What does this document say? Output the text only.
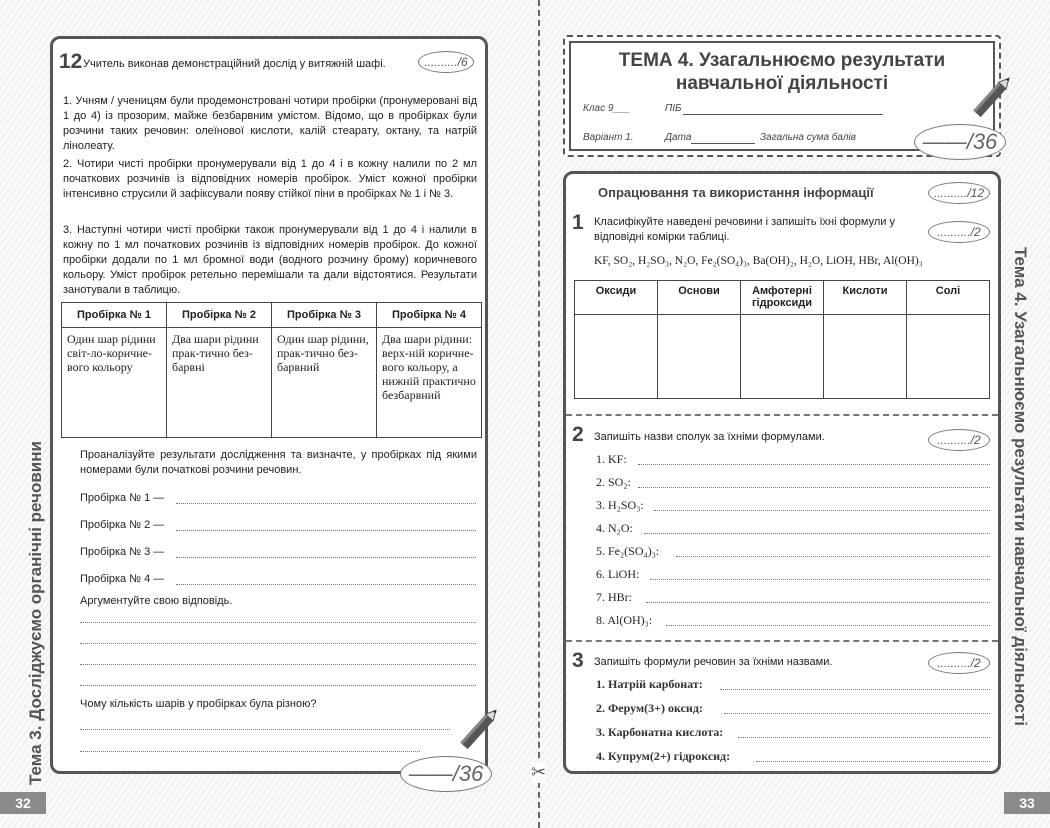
✂
Тема 3. Досліджуємо органічні речовини
32
12	........../6
Учитель виконав демонстраційний дослід у витяжній шафі.
1. Учням / ученицям були продемонстровані чотири пробірки (пронумеровані від 1 до 4) із прозорим, майже безбарвним умістом. Відомо, що в пробірках були розчини таких речовин: олеїнової кислоти, калій стеарату, октану, та натрій лінолеату.
2. Чотири чисті пробірки пронумерували від 1 до 4 і в кожну налили по 2 мл початкових розчинів із відповідних номерів пробірок. Уміст кожної пробірки інтенсивно струсили й зафіксували появу стійкої піни в пробірках № 1 і № 3.
3. Наступні чотири чисті пробірки також пронумерували від 1 до 4 і налили в кожну по 1 мл початкових розчинів із відповідних номерів пробірок. До кожної пробірки додали по 1 мл бромної води (водного розчину брому) коричневого кольору. Уміст пробірок ретельно перемішали та дали відстоятися. Результати занотували в таблицю.
Пробірка № 1	Пробірка № 2	Пробірка № 3	Пробірка № 4
Один шар рідини світ-ло-коричне-вого кольору	Два шари рідини прак-тично без-барвні	Один шар рідини, прак-тично без-барвний	Два шари рідини: верх-ній коричне-вого кольору, а нижній практично безбарвний
Проаналізуйте результати дослідження та визначте, у пробірках під якими номерами були початкові розчини речовин.
Пробірка № 1 —
Пробірка № 2 —
Пробірка № 3 —
Пробірка № 4 —
Аргументуйте свою відповідь.
Чому кількість шарів у пробірках була різною?
——/36
Тема 4. Узагальнюємо результати навчальної діяльності
33
ТЕМА 4. Узагальнюємо результати
навчальної діяльності
Клас 9___	ПІБ
Варіант 1.	Дата	Загальна сума балів	——/36
Опрацювання та використання інформації	........../12
1	........../2
Класифікуйте наведені речовини і запишіть їхні формули у відповідні комірки таблиці.
KF, SO₂, H₂SO₃, N₂O, Fe₂(SO₄)₃, Ba(OH)₂, H₂O, LiOH, HBr, Al(OH)₃
Оксиди	Основи	Амфотерні гідроксиди	Кислоти	Солі

2	........../2
Запишіть назви сполук за їхніми формулами.
1. KF:
2. SO₂:
3. H₂SO₃:
4. N₂O:
5. Fe₂(SO₄)₃:
6. LiOH:
7. HBr:
8. Al(OH)₃:
3	........../2
Запишіть формули речовин за їхніми назвами.
1. Натрій карбонат:
2. Ферум(3+) оксид:
3. Карбонатна кислота:
4. Купрум(2+) гідроксид:
